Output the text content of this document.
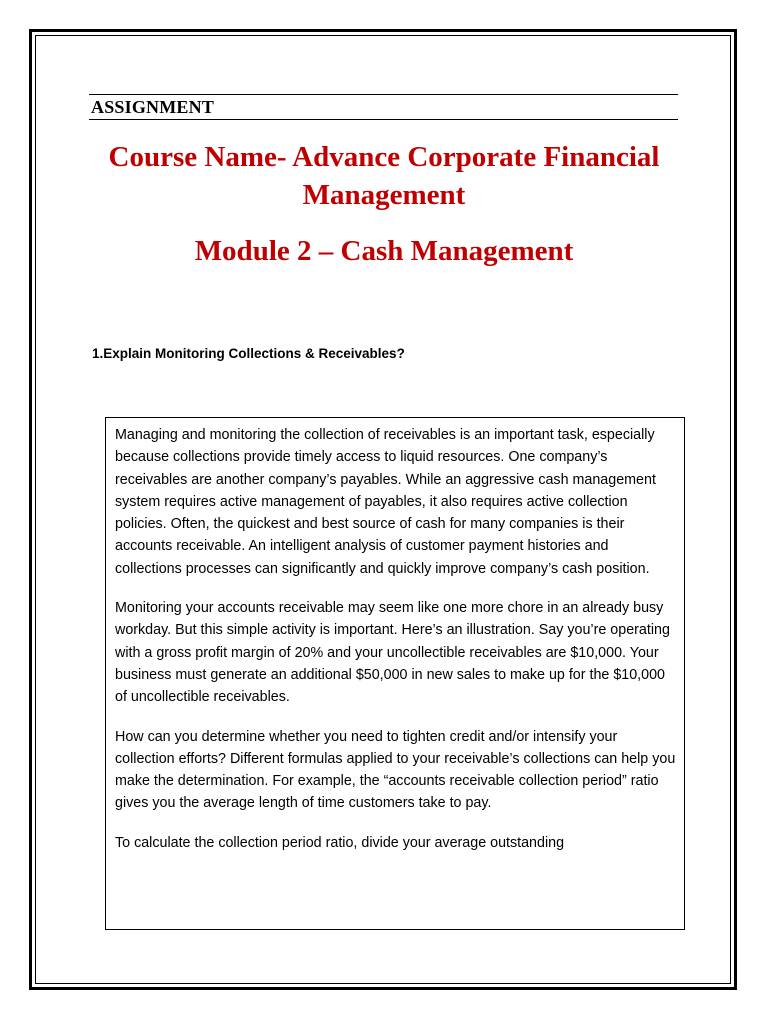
ASSIGNMENT
Course Name- Advance Corporate Financial Management
Module 2 – Cash Management
1.Explain Monitoring Collections & Receivables?

Managing and monitoring the collection of receivables is an important task, especially because collections provide timely access to liquid resources. One company’s receivables are another company’s payables. While an aggressive cash management system requires active management of payables, it also requires active collection policies. Often, the quickest and best source of cash for many companies is their accounts receivable. An intelligent analysis of customer payment histories and collections processes can significantly and quickly improve company’s cash position.

Monitoring your accounts receivable may seem like one more chore in an already busy workday. But this simple activity is important. Here’s an illustration. Say you’re operating with a gross profit margin of 20% and your uncollectible receivables are $10,000. Your business must generate an additional $50,000 in new sales to make up for the $10,000 of uncollectible receivables.

How can you determine whether you need to tighten credit and/or intensify your collection efforts? Different formulas applied to your receivable’s collections can help you make the determination. For example, the “accounts receivable collection period” ratio gives you the average length of time customers take to pay.

To calculate the collection period ratio, divide your average outstanding
